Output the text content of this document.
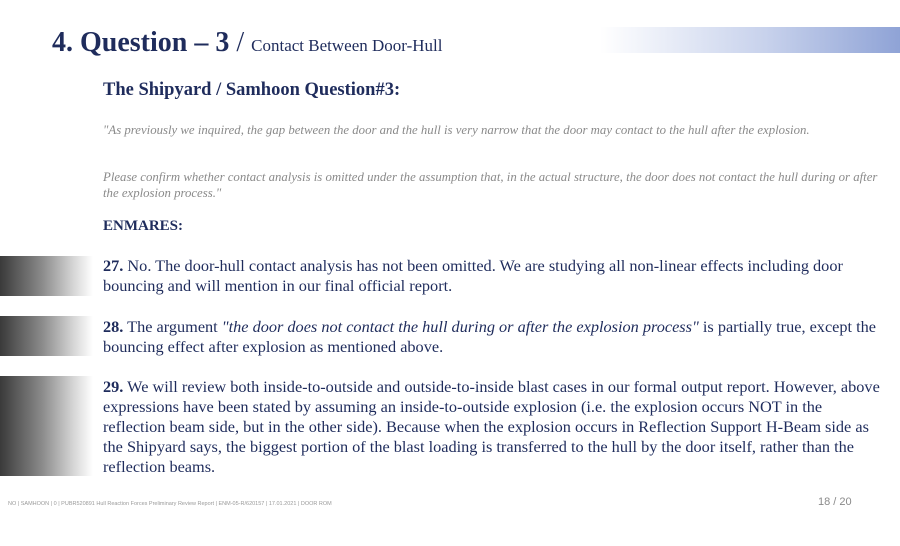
4. Question – 3 / Contact Between Door-Hull
The Shipyard / Samhoon Question#3:
"As previously we inquired, the gap between the door and the hull is very narrow that the door may contact to the hull after the explosion.
Please confirm whether contact analysis is omitted under the assumption that, in the actual structure, the door does not contact the hull during or after the explosion process."
ENMARES:
27. No. The door-hull contact analysis has not been omitted. We are studying all non-linear effects including door bouncing and will mention in our final official report.
28. The argument "the door does not contact the hull during or after the explosion process" is partially true, except the bouncing effect after explosion as mentioned above.
29. We will review both inside-to-outside and outside-to-inside blast cases in our formal output report. However, above expressions have been stated by assuming an inside-to-outside explosion (i.e. the explosion occurs NOT in the reflection beam side, but in the other side). Because when the explosion occurs in Reflection Support H-Beam side as the Shipyard says, the biggest portion of the blast loading is transferred to the hull by the door itself, rather than the reflection beams.
NO | SAMHOON | 0 | PUBR520891 Hull Reaction Forces Preliminary Review Report | ENM-05-R/620157 | 17.01.2021 | DOOR ROM	18 / 20
